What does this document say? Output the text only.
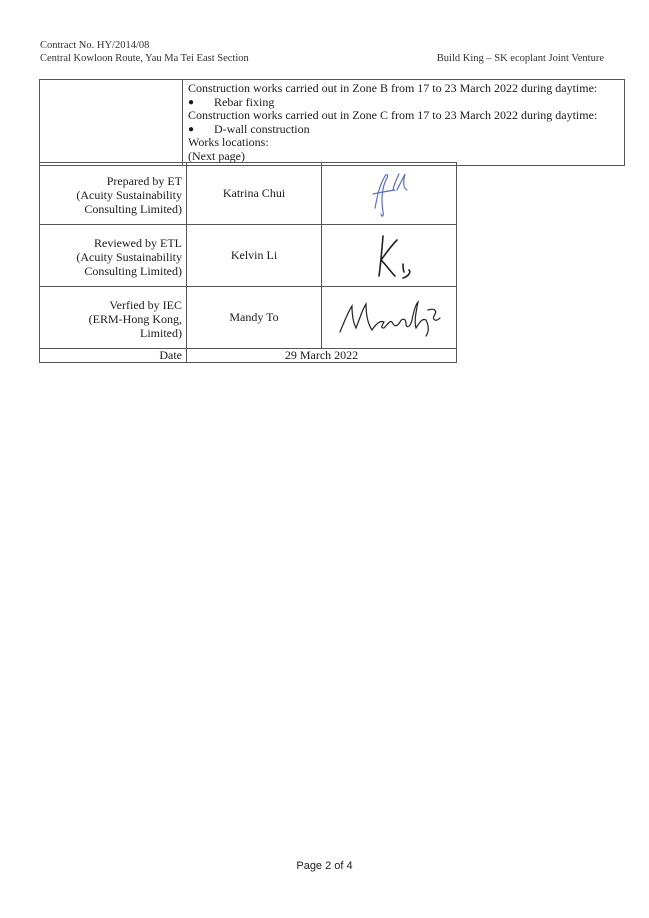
Contract No. HY/2014/08
Central Kowloon Route, Yau Ma Tei East Section	Build King – SK ecoplant Joint Venture

Construction works carried out in Zone B from 17 to 23 March 2022 during daytime:
●	Rebar fixing
Construction works carried out in Zone C from 17 to 23 March 2022 during daytime:
●	D-wall construction
Works locations:
(Next page)
Prepared by ET
(Acuity Sustainability
Consulting Limited)	Katrina Chui	

Reviewed by ETL
(Acuity Sustainability
Consulting Limited)	Kelvin Li	

Verfied by IEC
(ERM-Hong Kong,
Limited)	Mandy To	

Date	29 March 2022	
Page 2 of 4
